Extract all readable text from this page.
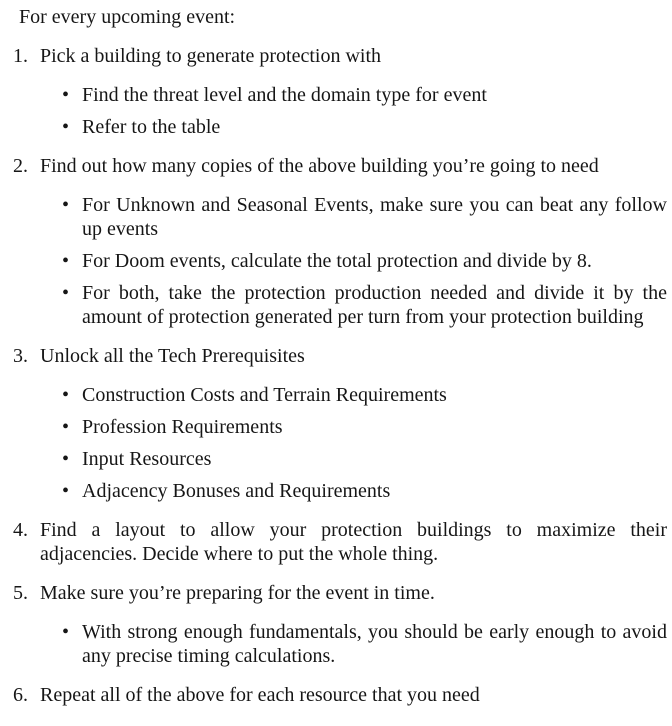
For every upcoming event:

1. Pick a building to generate protection with
• Find the threat level and the domain type for event
• Refer to the table
2. Find out how many copies of the above building you’re going to need
• For Unknown and Seasonal Events, make sure you can beat any follow up events
• For Doom events, calculate the total protection and divide by 8.
• For both, take the protection production needed and divide it by the amount of protection generated per turn from your protection building
3. Unlock all the Tech Prerequisites
• Construction Costs and Terrain Requirements
• Profession Requirements
• Input Resources
• Adjacency Bonuses and Requirements
4. Find a layout to allow your protection buildings to maximize their adjacencies. Decide where to put the whole thing.
5. Make sure you’re preparing for the event in time.
• With strong enough fundamentals, you should be early enough to avoid any precise timing calculations.
6. Repeat all of the above for each resource that you need
